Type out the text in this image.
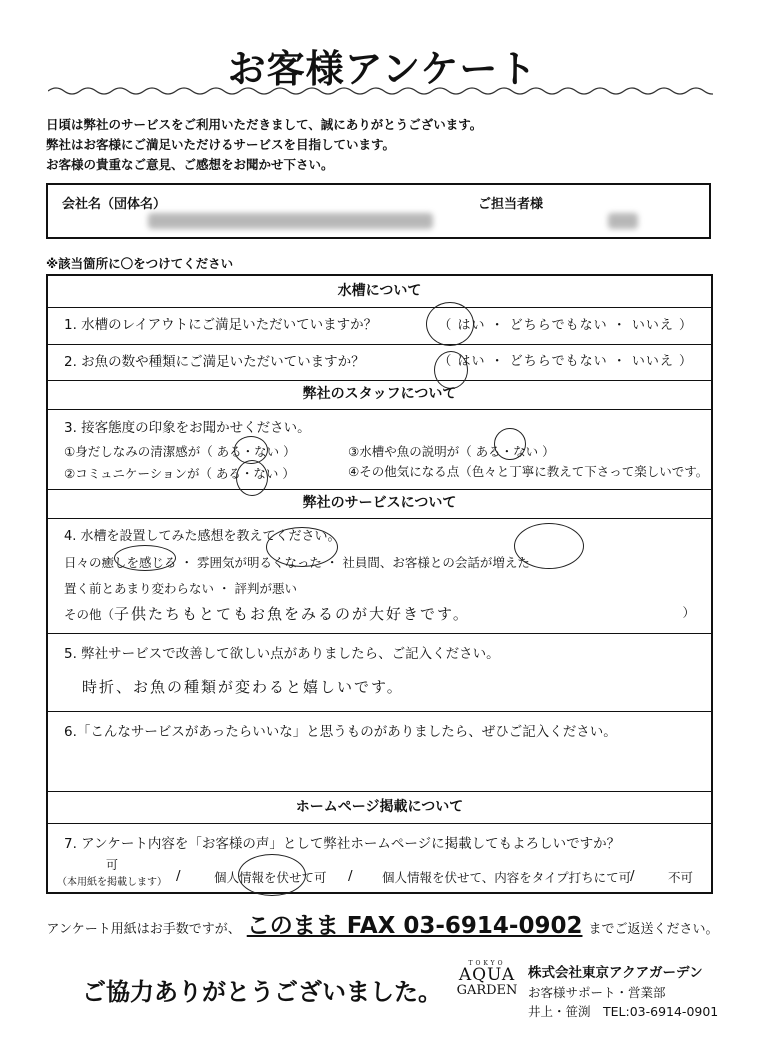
お客様アンケート
日頃は弊社のサービスをご利用いただきまして、誠にありがとうございます。
弊社はお客様にご満足いただけるサービスを目指しています。
お客様の貴重なご意見、ご感想をお聞かせ下さい。
会社名（団体名）	ご担当者様
※該当箇所に〇をつけてください
水槽について
1. 水槽のレイアウトにご満足いただいていますか？	（ はい ・ どちらでもない ・ いいえ ）
2. お魚の数や種類にご満足いただいていますか？	（ はい ・ どちらでもない ・ いいえ ）
弊社のスタッフについて
3. 接客態度の印象をお聞かせください。
①身だしなみの清潔感が（ ある・ない ）	③水槽や魚の説明が（ ある・ない ）
②コミュニケーションが（ ある・ない ）	④その他気になる点（色々と丁寧に教えて下さって楽しいです。
弊社のサービスについて
4. 水槽を設置してみた感想を教えてください。
日々の癒しを感じる ・ 雰囲気が明るくなった ・ 社員間、お客様との会話が増えた
置く前とあまり変わらない ・ 評判が悪い
その他（子供たちもとてもお魚をみるのが大好きです。	）
5. 弊社サービスで改善して欲しい点がありましたら、ご記入ください。
時折、お魚の種類が変わると嬉しいです。
6.「こんなサービスがあったらいいな」と思うものがありましたら、ぜひご記入ください。
ホームページ掲載について
7. アンケート内容を「お客様の声」として弊社ホームページに掲載してもよろしいですか？
可
（本用紙を掲載します） /	個人情報を伏せて可 / 個人情報を伏せて、内容をタイプ打ちにて可
/	不可
アンケート用紙はお手数ですが、 このまま FAX 03-6914-0902 までご返送ください。
ご協力ありがとうございました。
TOKYO
AQUA
GARDEN
株式会社東京アクアガーデン
お客様サポート・営業部
井上・笹渕　TEL:03-6914-0901
